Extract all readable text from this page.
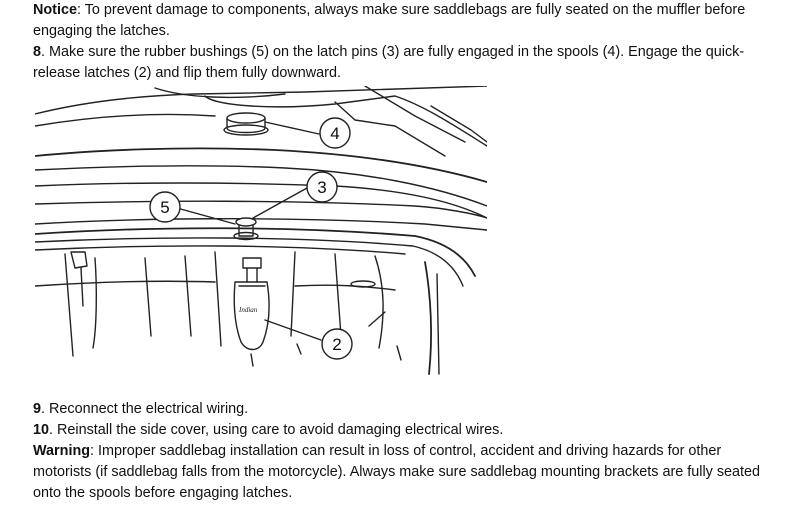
Notice: To prevent damage to components, always make sure saddlebags are fully seated on the muffler before engaging the latches.

8. Make sure the rubber bushings (5) on the latch pins (3) are fully engaged in the spools (4). Engage the quick-release latches (2) and flip them fully downward.

Indian
4
3
5
2

9. Reconnect the electrical wiring.

10. Reinstall the side cover, using care to avoid damaging electrical wires.

Warning: Improper saddlebag installation can result in loss of control, accident and driving hazards for other motorists (if saddlebag falls from the motorcycle). Always make sure saddlebag mounting brackets are fully seated onto the spools before engaging latches.
